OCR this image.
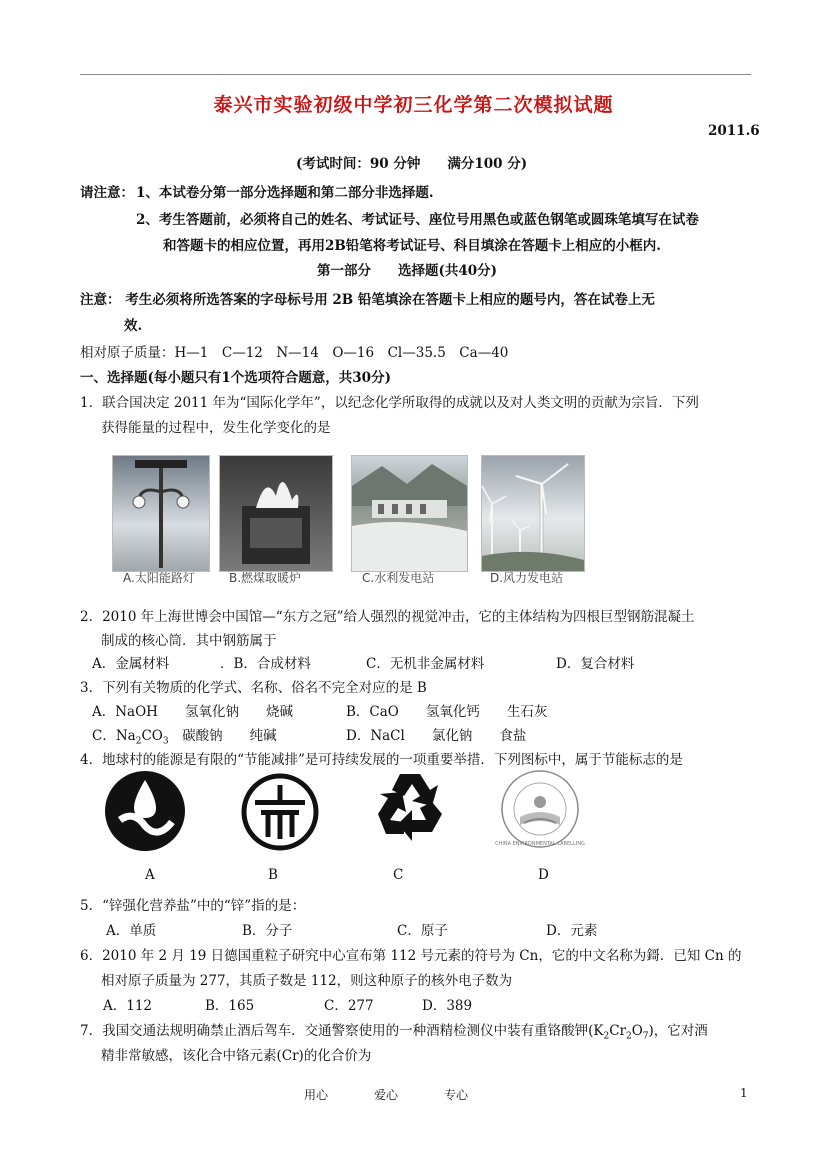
泰兴市实验初级中学初三化学第二次模拟试题
2011.6
(考试时间：90 分钟　　满分100 分)
请注意： 1、本试卷分第一部分选择题和第二部分非选择题.
2、考生答题前，必须将自己的姓名、考试证号、座位号用黑色或蓝色钢笔或圆珠笔填写在试卷
和答题卡的相应位置，再用2B铅笔将考试证号、科目填涂在答题卡上相应的小框内.
第一部分　　选择题(共40分)
注意： 考生必须将所选答案的字母标号用 2B 铅笔填涂在答题卡上相应的题号内，答在试卷上无
效.
相对原子质量：H—1　C—12　N—14　O—16　Cl—35.5　Ca—40
一、选择题(每小题只有1个选项符合题意，共30分)
1．联合国决定 2011 年为“国际化学年”，以纪念化学所取得的成就以及对人类文明的贡献为宗旨．下列
获得能量的过程中，发生化学变化的是
A.太阳能路灯	B.燃煤取暖炉	C.水利发电站	D.风力发电站
2．2010 年上海世博会中国馆—“东方之冠”给人强烈的视觉冲击，它的主体结构为四根巨型钢筋混凝土
制成的核心筒．其中钢筋属于
A．金属材料	．B．合成材料	C．无机非金属材料	D．复合材料
3．下列有关物质的化学式、名称、俗名不完全对应的是 B
A．NaOH　　氢氧化钠　　烧碱	B．CaO　　氢氧化钙　　生石灰
C．$Na_2CO_3$　碳酸钠　　纯碱	D．NaCl　　氯化钠　　食盐
4．地球村的能源是有限的“节能减排”是可持续发展的一项重要举措．下列图标中，属于节能标志的是
CHINA ENVIRONMENTAL LABELLING
A	B	C	D
5．“锌强化营养盐”中的“锌”指的是：
A．单质	B．分子	C．原子	D．元素
6．2010 年 2 月 19 日德国重粒子研究中心宣布第 112 号元素的符号为 Cn，它的中文名称为鎶．已知 Cn 的
相对原子质量为 277，其质子数是 112，则这种原子的核外电子数为
A．112	B．165	C．277	D．389
7．我国交通法规明确禁止酒后驾车．交通警察使用的一种酒精检测仪中装有重铬酸钾$(K_2Cr_2O_7)$，它对酒
精非常敏感，该化合中铬元素(Cr)的化合价为
用心	爱心	专心	1
